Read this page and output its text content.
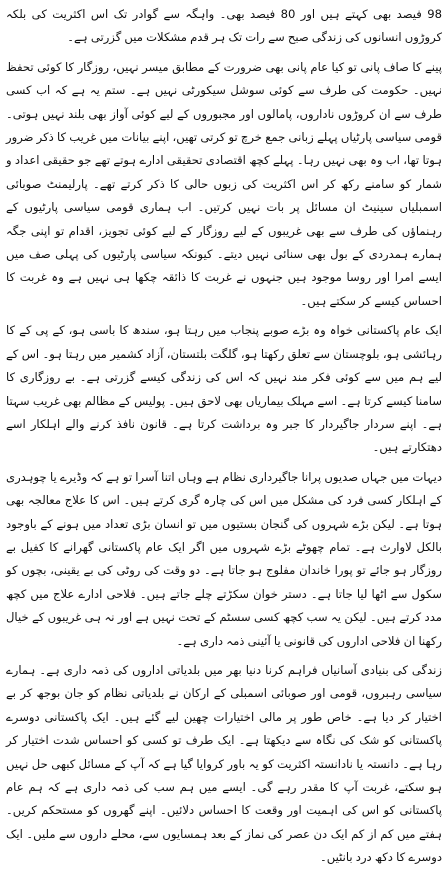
98 فیصد بھی کہتے ہیں اور 80 فیصد بھی۔ واہگہ سے گوادر تک اس اکثریت کی بلکہ کروڑوں انسانوں کی زندگی صبح سے رات تک ہر قدم مشکلات میں گزرتی ہے۔

پینے کا صاف پانی تو کیا عام پانی بھی ضرورت کے مطابق میسر نہیں، روزگار کا کوئی تحفظ نہیں۔ حکومت کی طرف سے کوئی سوشل سیکورٹی نہیں ہے۔ ستم یہ ہے کہ اب کسی طرف سے ان کروڑوں ناداروں، پامالوں اور مجبوروں کے لیے کوئی آواز بھی بلند نہیں ہوتی۔ قومی سیاسی پارٹیاں پہلے زبانی جمع خرچ تو کرتی تھیں، اپنے بیانات میں غریب کا ذکر ضرور ہوتا تھا، اب وہ بھی نہیں رہا۔ پہلے کچھ اقتصادی تحقیقی ادارے ہوتے تھے جو حقیقی اعداد و شمار کو سامنے رکھ کر اس اکثریت کی زبوں حالی کا ذکر کرتے تھے۔ پارلیمنٹ صوبائی اسمبلیاں سینیٹ ان مسائل پر بات نہیں کرتیں۔ اب ہماری قومی سیاسی پارٹیوں کے رہنماؤں کی طرف سے بھی غریبوں کے لیے روزگار کے لیے کوئی تجویز، اقدام تو اپنی جگہ ہمارے ہمدردی کے بول بھی سنائی نہیں دیتے۔ کیونکہ سیاسی پارٹیوں کی پہلی صف میں ایسے امرا اور روسا موجود ہیں جنہوں نے غربت کا ذائقہ چکھا ہی نہیں ہے وہ غربت کا احساس کیسے کر سکتے ہیں۔

ایک عام پاکستانی خواہ وہ بڑے صوبے پنجاب میں رہتا ہو، سندھ کا باسی ہو، کے پی کے کا رہائشی ہو، بلوچستان سے تعلق رکھتا ہو، گلگت بلتستان، آزاد کشمیر میں رہتا ہو۔ اس کے لیے ہم میں سے کوئی فکر مند نہیں کہ اس کی زندگی کیسے گزرتی ہے۔ بے روزگاری کا سامنا کیسے کرتا ہے۔ اسے مہلک بیماریاں بھی لاحق ہیں۔ پولیس کے مظالم بھی غریب سہتا ہے۔ اپنے سردار جاگیردار کا جبر وہ برداشت کرتا ہے۔ قانون نافذ کرنے والے اہلکار اسے دھتکارتے ہیں۔

دیہات میں جہاں صدیوں پرانا جاگیرداری نظام ہے وہاں اتنا آسرا تو ہے کہ وڈیرے یا چوہدری کے اہلکار کسی فرد کی مشکل میں اس کی چارہ گری کرتے ہیں۔ اس کا علاج معالجہ بھی ہوتا ہے۔ لیکن بڑے شہروں کی گنجان بستیوں میں تو انسان بڑی تعداد میں ہونے کے باوجود بالکل لاوارث ہے۔ تمام چھوٹے بڑے شہروں میں اگر ایک عام پاکستانی گھرانے کا کفیل بے روزگار ہو جائے تو پورا خاندان مفلوج ہو جاتا ہے۔ دو وقت کی روٹی کی بے یقینی، بچوں کو سکول سے اٹھا لیا جاتا ہے۔ دستر خوان سکڑتے چلے جاتے ہیں۔ فلاحی ادارے علاج میں کچھ مدد کرتے ہیں۔ لیکن یہ سب کچھ کسی سسٹم کے تحت نہیں ہے اور نہ ہی غریبوں کے خیال رکھنا ان فلاحی اداروں کی قانونی یا آئینی ذمہ داری ہے۔

زندگی کی بنیادی آسانیاں فراہم کرنا دنیا بھر میں بلدیاتی اداروں کی ذمہ داری ہے۔ ہمارے سیاسی رہبروں، قومی اور صوبائی اسمبلی کے ارکان نے بلدیاتی نظام کو جان بوجھ کر بے اختیار کر دیا ہے۔ خاص طور پر مالی اختیارات چھین لیے گئے ہیں۔ ایک پاکستانی دوسرے پاکستانی کو شک کی نگاہ سے دیکھتا ہے۔ ایک طرف تو کسی کو احساس شدت اختیار کر رہا ہے۔ دانستہ یا نادانستہ اکثریت کو یہ باور کروایا گیا ہے کہ آپ کے مسائل کبھی حل نہیں ہو سکتے، غربت آپ کا مقدر رہے گی۔ ایسے میں ہم سب کی ذمہ داری ہے کہ ہم عام پاکستانی کو اس کی اہمیت اور وقعت کا احساس دلائیں۔ اپنے گھروں کو مستحکم کریں۔ ہفتے میں کم از کم ایک دن عصر کی نماز کے بعد ہمسایوں سے، محلے داروں سے ملیں۔ ایک دوسرے کا دکھ درد بانٹیں۔
